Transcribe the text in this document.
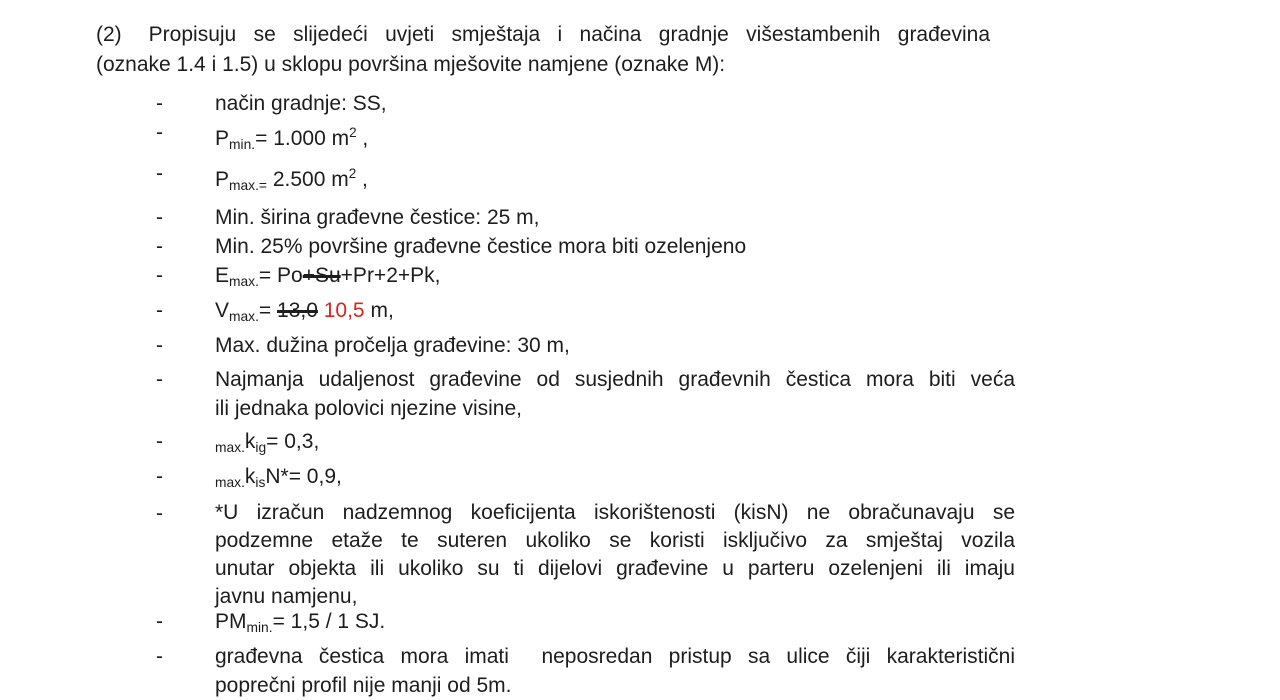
(2) Propisuju se slijedeći uvjeti smještaja i načina gradnje višestambenih građevina
(oznake 1.4 i 1.5) u sklopu površina mješovite namjene (oznake M):
- način gradnje: SS,
- Pmin.= 1.000 $m^2$ ,
- Pmax.= 2.500 $m^2$ ,
- Min. širina građevne čestice: 25 m,
- Min. 25% površine građevne čestice mora biti ozelenjeno
- Emax.= Po+Su+Pr+2+Pk,
- Vmax.= 13,0 10,5 m,
- Max. dužina pročelja građevine: 30 m,
- Najmanja udaljenost građevine od susjednih građevnih čestica mora biti veća
ili jednaka polovici njezine visine,
-	max.kig= 0,3,
-	max.kisN*= 0,9,
- *U izračun nadzemnog koeficijenta iskorištenosti (kisN) ne obračunavaju se
podzemne etaže te suteren ukoliko se koristi isključivo za smještaj vozila
unutar objekta ili ukoliko su ti dijelovi građevine u parteru ozelenjeni ili imaju
javnu namjenu,
- PMmin.= 1,5 / 1 SJ.
- građevna čestica mora imati  neposredan pristup sa ulice čiji karakteristični
poprečni profil nije manji od 5m.
